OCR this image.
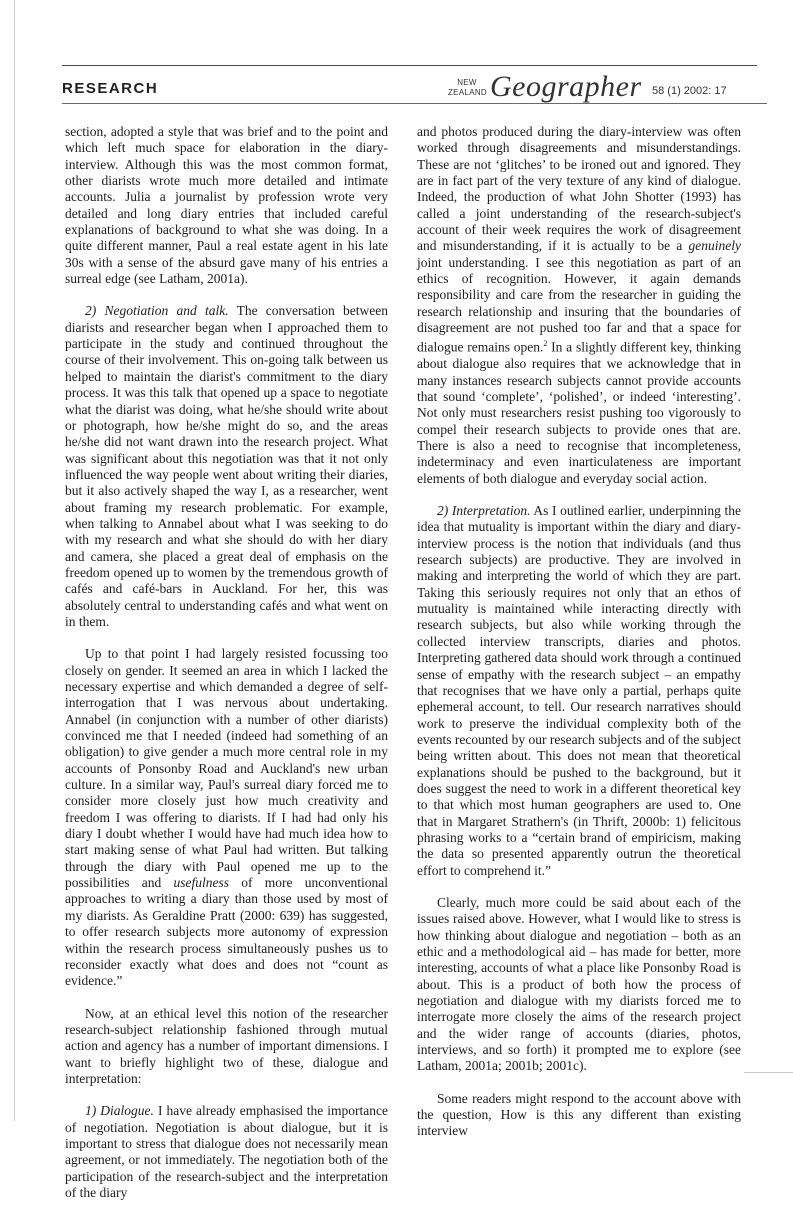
RESEARCH	NEW
ZEALAND Geographer 58 (1) 2002: 17

section, adopted a style that was brief and to the point and which left much space for elaboration in the diary-interview. Although this was the most common format, other diarists wrote much more detailed and intimate accounts. Julia a journalist by profession wrote very detailed and long diary entries that included careful explanations of background to what she was doing. In a quite different manner, Paul a real estate agent in his late 30s with a sense of the absurd gave many of his entries a surreal edge (see Latham, 2001a).

2) Negotiation and talk. The conversation between diarists and researcher began when I approached them to participate in the study and continued throughout the course of their involvement. This on-going talk between us helped to maintain the diarist's commitment to the diary process. It was this talk that opened up a space to negotiate what the diarist was doing, what he/she should write about or photograph, how he/she might do so, and the areas he/she did not want drawn into the research project. What was significant about this negotiation was that it not only influenced the way people went about writing their diaries, but it also actively shaped the way I, as a researcher, went about framing my research problematic. For example, when talking to Annabel about what I was seeking to do with my research and what she should do with her diary and camera, she placed a great deal of emphasis on the freedom opened up to women by the tremendous growth of cafés and café-bars in Auckland. For her, this was absolutely central to understanding cafés and what went on in them.

Up to that point I had largely resisted focussing too closely on gender. It seemed an area in which I lacked the necessary expertise and which demanded a degree of self-interrogation that I was nervous about undertaking. Annabel (in conjunction with a number of other diarists) convinced me that I needed (indeed had something of an obligation) to give gender a much more central role in my accounts of Ponsonby Road and Auckland's new urban culture. In a similar way, Paul's surreal diary forced me to consider more closely just how much creativity and freedom I was offering to diarists. If I had had only his diary I doubt whether I would have had much idea how to start making sense of what Paul had written. But talking through the diary with Paul opened me up to the possibilities and usefulness of more unconventional approaches to writing a diary than those used by most of my diarists. As Geraldine Pratt (2000: 639) has suggested, to offer research subjects more autonomy of expression within the research process simultaneously pushes us to reconsider exactly what does and does not “count as evidence.”

Now, at an ethical level this notion of the researcher research-subject relationship fashioned through mutual action and agency has a number of important dimensions. I want to briefly highlight two of these, dialogue and interpretation:

1) Dialogue. I have already emphasised the importance of negotiation. Negotiation is about dialogue, but it is important to stress that dialogue does not necessarily mean agreement, or not immediately. The negotiation both of the participation of the research-subject and the interpretation of the diary

and photos produced during the diary-interview was often worked through disagreements and misunderstandings. These are not ‘glitches’ to be ironed out and ignored. They are in fact part of the very texture of any kind of dialogue. Indeed, the production of what John Shotter (1993) has called a joint understanding of the research-subject's account of their week requires the work of disagreement and misunderstanding, if it is actually to be a genuinely joint understanding. I see this negotiation as part of an ethics of recognition. However, it again demands responsibility and care from the researcher in guiding the research relationship and insuring that the boundaries of disagreement are not pushed too far and that a space for dialogue remains open.$^2$ In a slightly different key, thinking about dialogue also requires that we acknowledge that in many instances research subjects cannot provide accounts that sound ‘complete’, ‘polished’, or indeed ‘interesting’. Not only must researchers resist pushing too vigorously to compel their research subjects to provide ones that are. There is also a need to recognise that incompleteness, indeterminacy and even inarticulateness are important elements of both dialogue and everyday social action.

2) Interpretation. As I outlined earlier, underpinning the idea that mutuality is important within the diary and diary-interview process is the notion that individuals (and thus research subjects) are productive. They are involved in making and interpreting the world of which they are part. Taking this seriously requires not only that an ethos of mutuality is maintained while interacting directly with research subjects, but also while working through the collected interview transcripts, diaries and photos. Interpreting gathered data should work through a continued sense of empathy with the research subject – an empathy that recognises that we have only a partial, perhaps quite ephemeral account, to tell. Our research narratives should work to preserve the individual complexity both of the events recounted by our research subjects and of the subject being written about. This does not mean that theoretical explanations should be pushed to the background, but it does suggest the need to work in a different theoretical key to that which most human geographers are used to. One that in Margaret Strathern's (in Thrift, 2000b: 1) felicitous phrasing works to a “certain brand of empiricism, making the data so presented apparently outrun the theoretical effort to comprehend it.”

Clearly, much more could be said about each of the issues raised above. However, what I would like to stress is how thinking about dialogue and negotiation – both as an ethic and a methodological aid – has made for better, more interesting, accounts of what a place like Ponsonby Road is about. This is a product of both how the process of negotiation and dialogue with my diarists forced me to interrogate more closely the aims of the research project and the wider range of accounts (diaries, photos, interviews, and so forth) it prompted me to explore (see Latham, 2001a; 2001b; 2001c).

Some readers might respond to the account above with the question, How is this any different than existing interview
